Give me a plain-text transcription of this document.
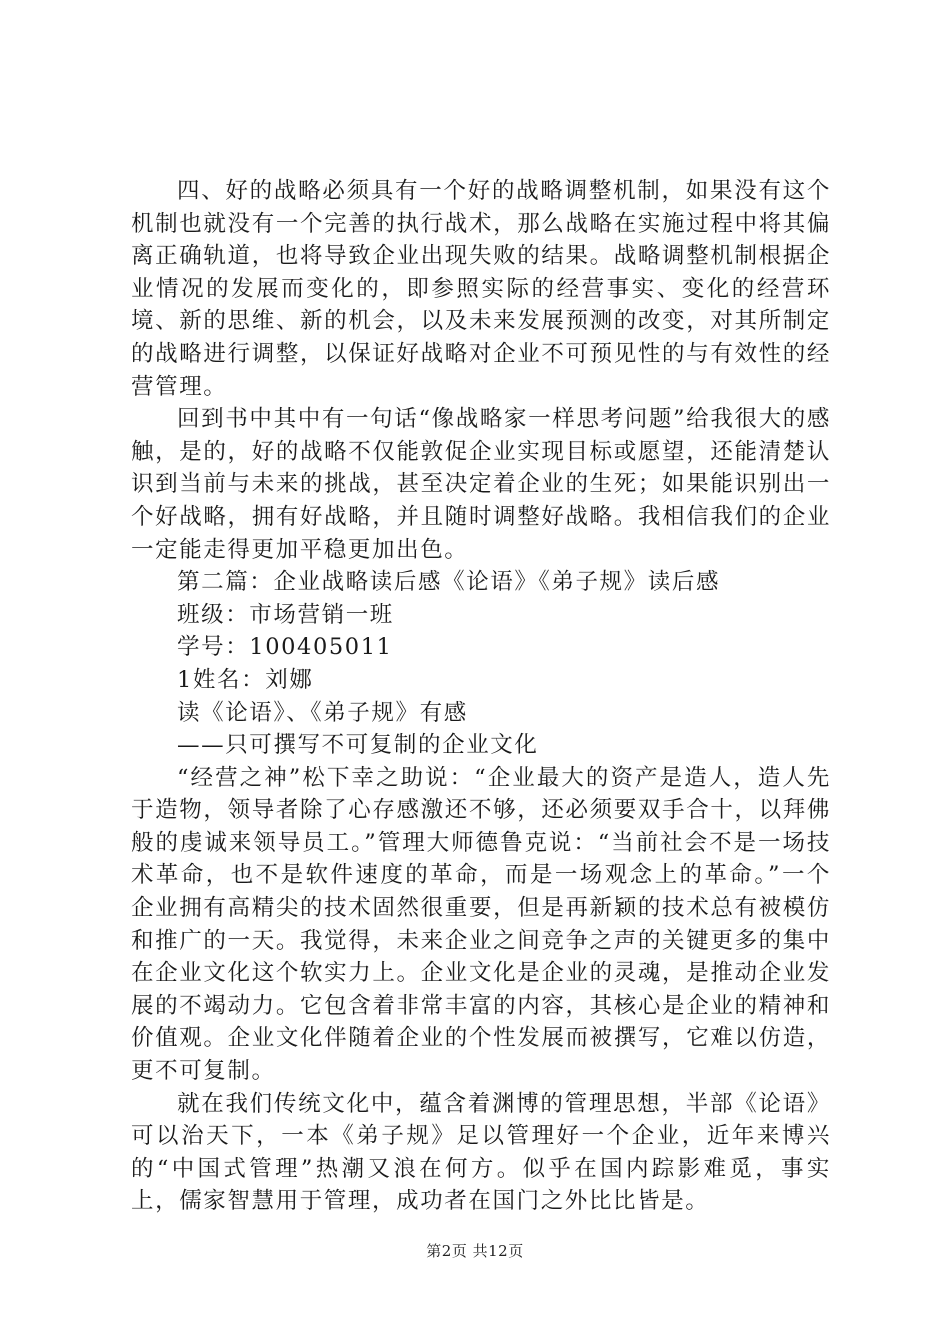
四、好的战略必须具有一个好的战略调整机制，如果没有这个机制也就没有一个完善的执行战术，那么战略在实施过程中将其偏离正确轨道，也将导致企业出现失败的结果。战略调整机制根据企业情况的发展而变化的，即参照实际的经营事实、变化的经营环境、新的思维、新的机会，以及未来发展预测的改变，对其所制定的战略进行调整，以保证好战略对企业不可预见性的与有效性的经营管理。

回到书中其中有一句话“像战略家一样思考问题”给我很大的感触，是的，好的战略不仅能敦促企业实现目标或愿望，还能清楚认识到当前与未来的挑战，甚至决定着企业的生死；如果能识别出一个好战略，拥有好战略，并且随时调整好战略。我相信我们的企业一定能走得更加平稳更加出色。

第二篇：企业战略读后感《论语》《弟子规》读后感

班级：市场营销一班

学号：100405011

1姓名：刘娜

读《论语》、《弟子规》有感

——只可撰写不可复制的企业文化

“经营之神”松下幸之助说：“企业最大的资产是造人，造人先于造物，领导者除了心存感激还不够，还必须要双手合十，以拜佛般的虔诚来领导员工。”管理大师德鲁克说：“当前社会不是一场技术革命，也不是软件速度的革命，而是一场观念上的革命。”一个企业拥有高精尖的技术固然很重要，但是再新颖的技术总有被模仿和推广的一天。我觉得，未来企业之间竞争之声的关键更多的集中在企业文化这个软实力上。企业文化是企业的灵魂，是推动企业发展的不竭动力。它包含着非常丰富的内容，其核心是企业的精神和价值观。企业文化伴随着企业的个性发展而被撰写，它难以仿造，更不可复制。

就在我们传统文化中，蕴含着渊博的管理思想，半部《论语》可以治天下，一本《弟子规》足以管理好一个企业，近年来博兴的“中国式管理”热潮又浪在何方。似乎在国内踪影难觅，事实上，儒家智慧用于管理，成功者在国门之外比比皆是。

第2页 共12页
